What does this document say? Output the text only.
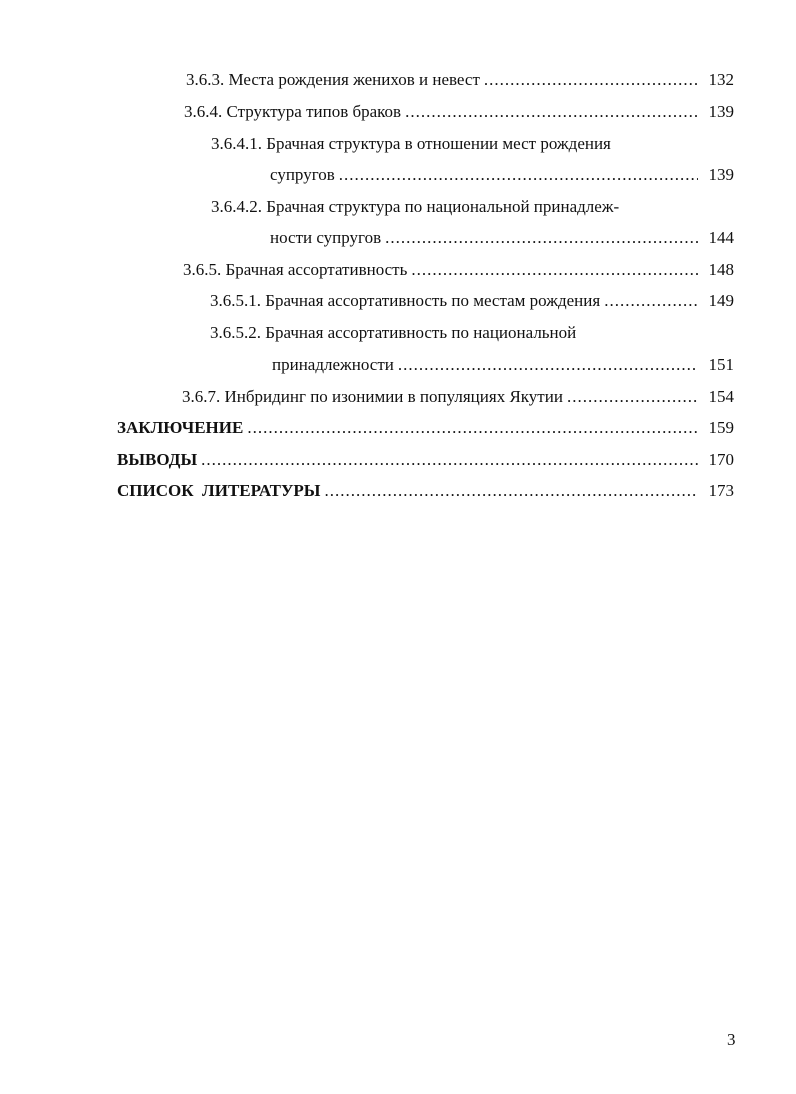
3.6.3. Места рождения женихов и невест .....	132
3.6.4. Структура типов браков .....	139
3.6.4.1. Брачная структура в отношении мест рождения
супругов .....	139
3.6.4.2. Брачная структура по национальной принадлеж-
ности супругов .....	144
3.6.5. Брачная ассортативность .....	148
3.6.5.1. Брачная ассортативность по местам рождения .....	149
3.6.5.2. Брачная ассортативность по национальной
принадлежности .....	151
3.6.7. Инбридинг по изонимии в популяциях Якутии .....	154
ЗАКЛЮЧЕНИЕ .....	159
ВЫВОДЫ .....	170
СПИСОК  ЛИТЕРАТУРЫ .....	173
3
